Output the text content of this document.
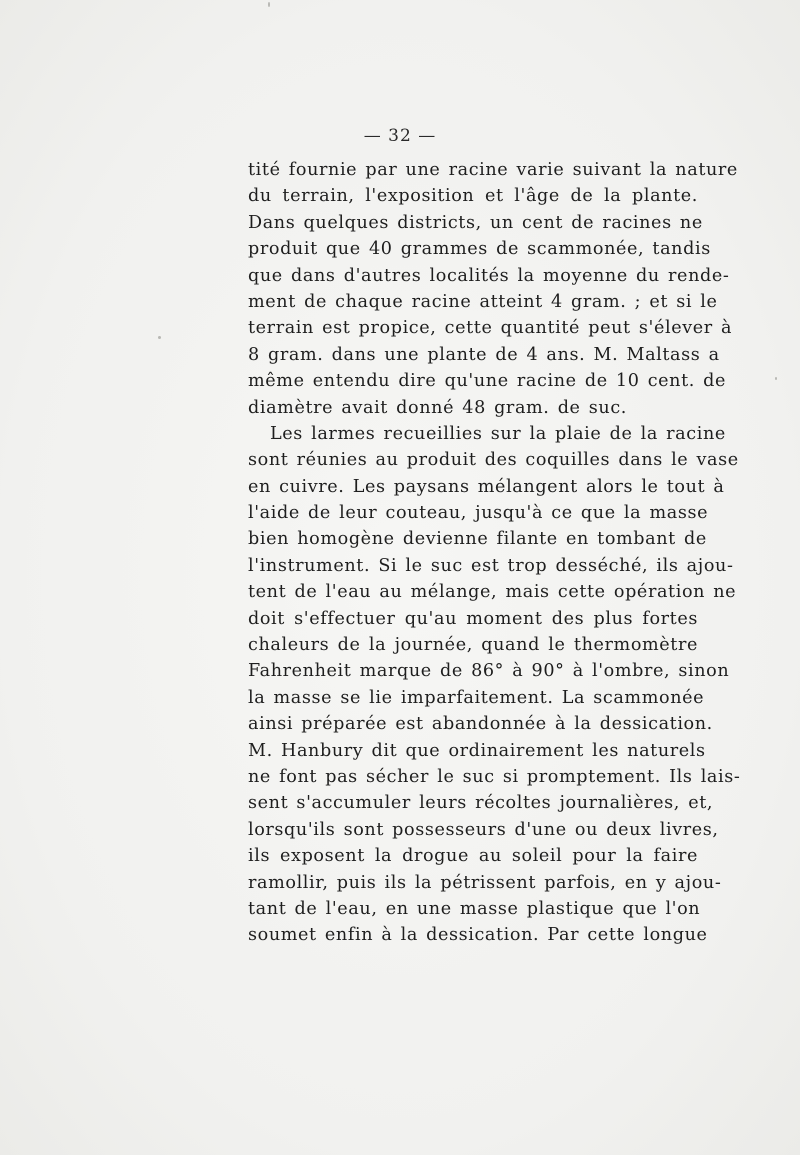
— 32 —
tité fournie par une racine varie suivant la nature
du terrain, l'exposition et l'âge de la plante.
Dans quelques districts, un cent de racines ne
produit que 40 grammes de scammonée, tandis
que dans d'autres localités la moyenne du rende-
ment de chaque racine atteint 4 gram. ; et si le
terrain est propice, cette quantité peut s'élever à
8 gram. dans une plante de 4 ans. M. Maltass a
même entendu dire qu'une racine de 10 cent. de
diamètre avait donné 48 gram. de suc.
Les larmes recueillies sur la plaie de la racine
sont réunies au produit des coquilles dans le vase
en cuivre. Les paysans mélangent alors le tout à
l'aide de leur couteau, jusqu'à ce que la masse
bien homogène devienne filante en tombant de
l'instrument. Si le suc est trop desséché, ils ajou-
tent de l'eau au mélange, mais cette opération ne
doit s'effectuer qu'au moment des plus fortes
chaleurs de la journée, quand le thermomètre
Fahrenheit marque de 86° à 90° à l'ombre, sinon
la masse se lie imparfaitement. La scammonée
ainsi préparée est abandonnée à la dessication.
M. Hanbury dit que ordinairement les naturels
ne font pas sécher le suc si promptement. Ils lais-
sent s'accumuler leurs récoltes journalières, et,
lorsqu'ils sont possesseurs d'une ou deux livres,
ils exposent la drogue au soleil pour la faire
ramollir, puis ils la pétrissent parfois, en y ajou-
tant de l'eau, en une masse plastique que l'on
soumet enfin à la dessication. Par cette longue
